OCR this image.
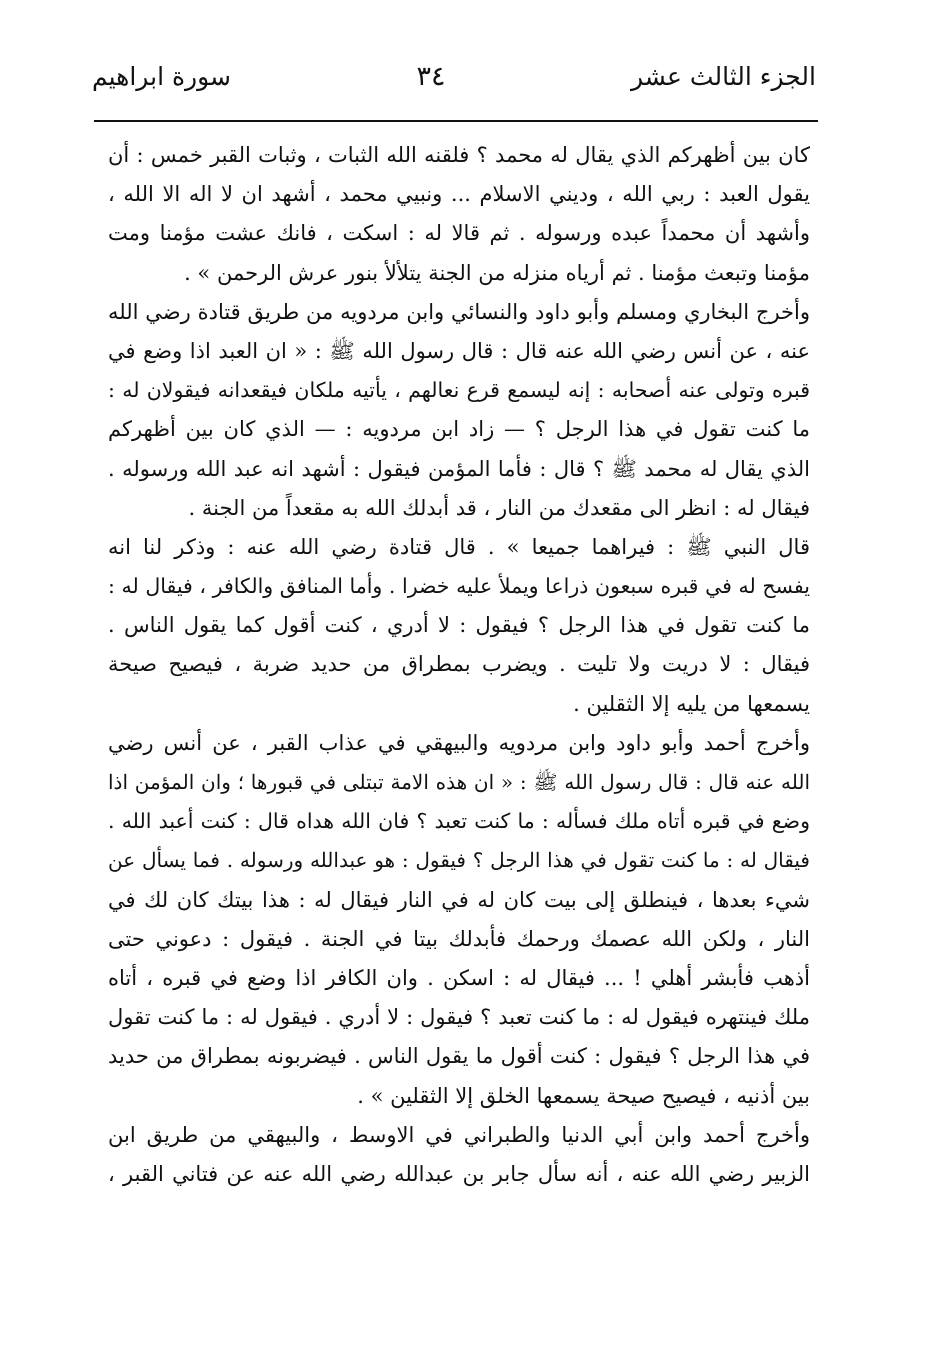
الجزء الثالث عشر
٣٤
سورة ابراهيم
كان بين أظهركم الذي يقال له محمد ؟ فلقنه الله الثبات ، وثبات القبر خمس : أن
يقول العبد : ربي الله ، وديني الاسلام ... ونبيي محمد ، أشهد ان لا اله الا الله ،
وأشهد أن محمداً عبده ورسوله . ثم قالا له : اسكت ، فانك عشت مؤمنا ومت
مؤمنا وتبعث مؤمنا . ثم أرياه منزله من الجنة يتلألأ بنور عرش الرحمن » .
وأخرج البخاري ومسلم وأبو داود والنسائي وابن مردويه من طريق قتادة رضي الله
عنه ، عن أنس رضي الله عنه قال : قال رسول الله ﷺ : « ان العبد اذا وضع في
قبره وتولى عنه أصحابه : إنه ليسمع قرع نعالهم ، يأتيه ملكان فيقعدانه فيقولان له :
ما كنت تقول في هذا الرجل ؟ — زاد ابن مردويه : — الذي كان بين أظهركم
الذي يقال له محمد ﷺ ؟ قال : فأما المؤمن فيقول : أشهد انه عبد الله ورسوله .
فيقال له : انظر الى مقعدك من النار ، قد أبدلك الله به مقعداً من الجنة .
قال النبي ﷺ : فيراهما جميعا » . قال قتادة رضي الله عنه : وذكر لنا انه
يفسح له في قبره سبعون ذراعا ويملأ عليه خضرا . وأما المنافق والكافر ، فيقال له :
ما كنت تقول في هذا الرجل ؟ فيقول : لا أدري ، كنت أقول كما يقول الناس .
فيقال : لا دريت ولا تليت . ويضرب بمطراق من حديد ضربة ، فيصيح صيحة
يسمعها من يليه إلا الثقلين .
وأخرج أحمد وأبو داود وابن مردويه والبيهقي في عذاب القبر ، عن أنس رضي
الله عنه قال : قال رسول الله ﷺ : « ان هذه الامة تبتلى في قبورها ؛ وان المؤمن اذا
وضع في قبره أتاه ملك فسأله : ما كنت تعبد ؟ فان الله هداه قال : كنت أعبد الله .
فيقال له : ما كنت تقول في هذا الرجل ؟ فيقول : هو عبدالله ورسوله . فما يسأل عن
شيء بعدها ، فينطلق إلى بيت كان له في النار فيقال له : هذا بيتك كان لك في
النار ، ولكن الله عصمك ورحمك فأبدلك بيتا في الجنة . فيقول : دعوني حتى
أذهب فأبشر أهلي ! ... فيقال له : اسكن . وان الكافر اذا وضع في قبره ، أتاه
ملك فينتهره فيقول له : ما كنت تعبد ؟ فيقول : لا أدري . فيقول له : ما كنت تقول
في هذا الرجل ؟ فيقول : كنت أقول ما يقول الناس . فيضربونه بمطراق من حديد
بين أذنيه ، فيصيح صيحة يسمعها الخلق إلا الثقلين » .
وأخرج أحمد وابن أبي الدنيا والطبراني في الاوسط ، والبيهقي من طريق ابن
الزبير رضي الله عنه ، أنه سأل جابر بن عبدالله رضي الله عنه عن فتاني القبر ،
